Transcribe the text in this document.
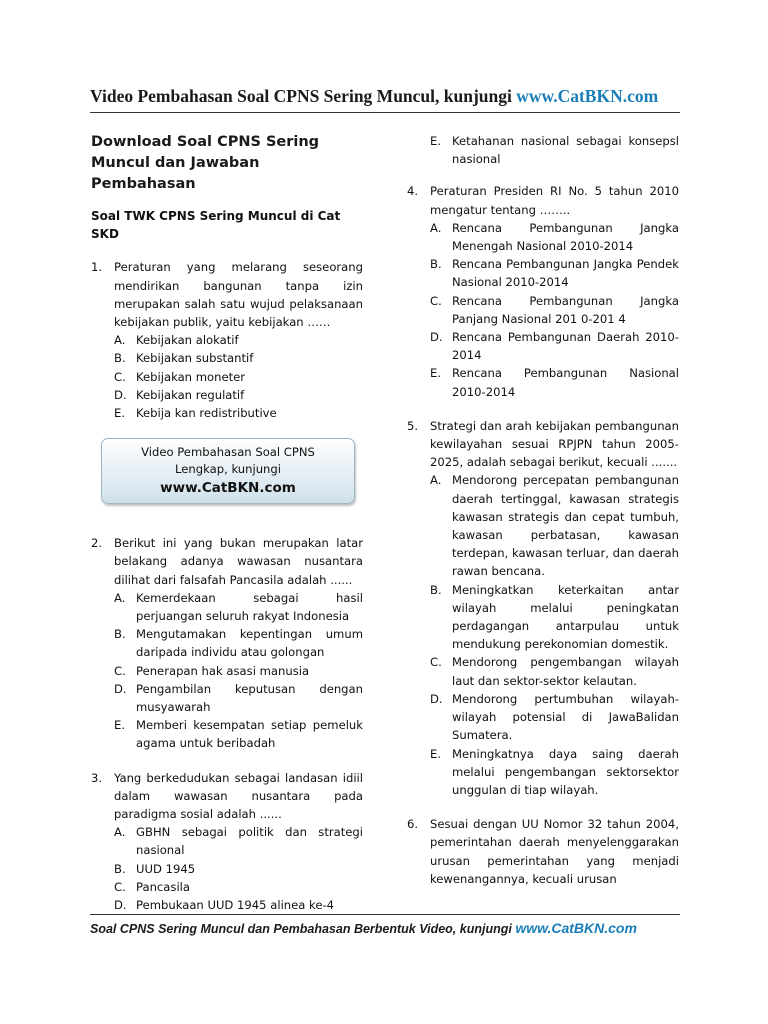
Video Pembahasan Soal CPNS Sering Muncul, kunjungi www.CatBKN.com
Download Soal CPNS Sering Muncul dan Jawaban Pembahasan
Soal TWK CPNS Sering Muncul di Cat SKD
1. Peraturan yang melarang seseorang mendirikan bangunan tanpa izin merupakan salah satu wujud pelaksanaan kebijakan publik, yaitu kebijakan ……
A. Kebijakan alokatif
B. Kebijakan substantif
C. Kebijakan moneter
D. Kebijakan regulatif
E. Kebija kan redistributive
Video Pembahasan Soal CPNS
Lengkap, kunjungi
www.CatBKN.com
2. Berikut ini yang bukan merupakan latar belakang adanya wawasan nusantara dilihat dari falsafah Pancasila adalah ......
A. Kemerdekaan sebagai hasil perjuangan seluruh rakyat Indonesia
B. Mengutamakan kepentingan umum daripada individu atau golongan
C. Penerapan hak asasi manusia
D. Pengambilan keputusan dengan musyawarah
E. Memberi kesempatan setiap pemeluk agama untuk beribadah
3. Yang berkedudukan sebagai landasan idiil dalam wawasan nusantara pada paradigma sosial adalah ......
A. GBHN sebagai politik dan strategi nasional
B. UUD 1945
C. Pancasila
D. Pembukaan UUD 1945 alinea ke-4
E. Ketahanan nasional sebagai konsepsl nasional
4. Peraturan Presiden RI No. 5 tahun 2010 mengatur tentang ……..
A. Rencana Pembangunan Jangka Menengah Nasional 2010-2014
B. Rencana Pembangunan Jangka Pendek Nasional 2010-2014
C. Rencana Pembangunan Jangka Panjang Nasional 201 0-201 4
D. Rencana Pembangunan Daerah 2010-2014
E. Rencana Pembangunan Nasional 2010-2014
5. Strategi dan arah kebijakan pembangunan kewilayahan sesuai RPJPN tahun 2005-2025, adalah sebagai berikut, kecuali .......
A. Mendorong percepatan pembangunan daerah tertinggal, kawasan strategis kawasan strategis dan cepat tumbuh, kawasan perbatasan, kawasan terdepan, kawasan terluar, dan daerah rawan bencana.
B. Meningkatkan keterkaitan antar wilayah melalui peningkatan perdagangan antarpulau untuk mendukung perekonomian domestik.
C. Mendorong pengembangan wilayah laut dan sektor-sektor kelautan.
D. Mendorong pertumbuhan wilayah-wilayah potensial di JawaBalidan Sumatera.
E. Meningkatnya daya saing daerah melalui pengembangan sektorsektor unggulan di tiap wilayah.
6. Sesuai dengan UU Nomor 32 tahun 2004, pemerintahan daerah menyelenggarakan urusan pemerintahan yang menjadi kewenangannya, kecuali urusan
Soal CPNS Sering Muncul dan Pembahasan Berbentuk Video, kunjungi www.CatBKN.com
